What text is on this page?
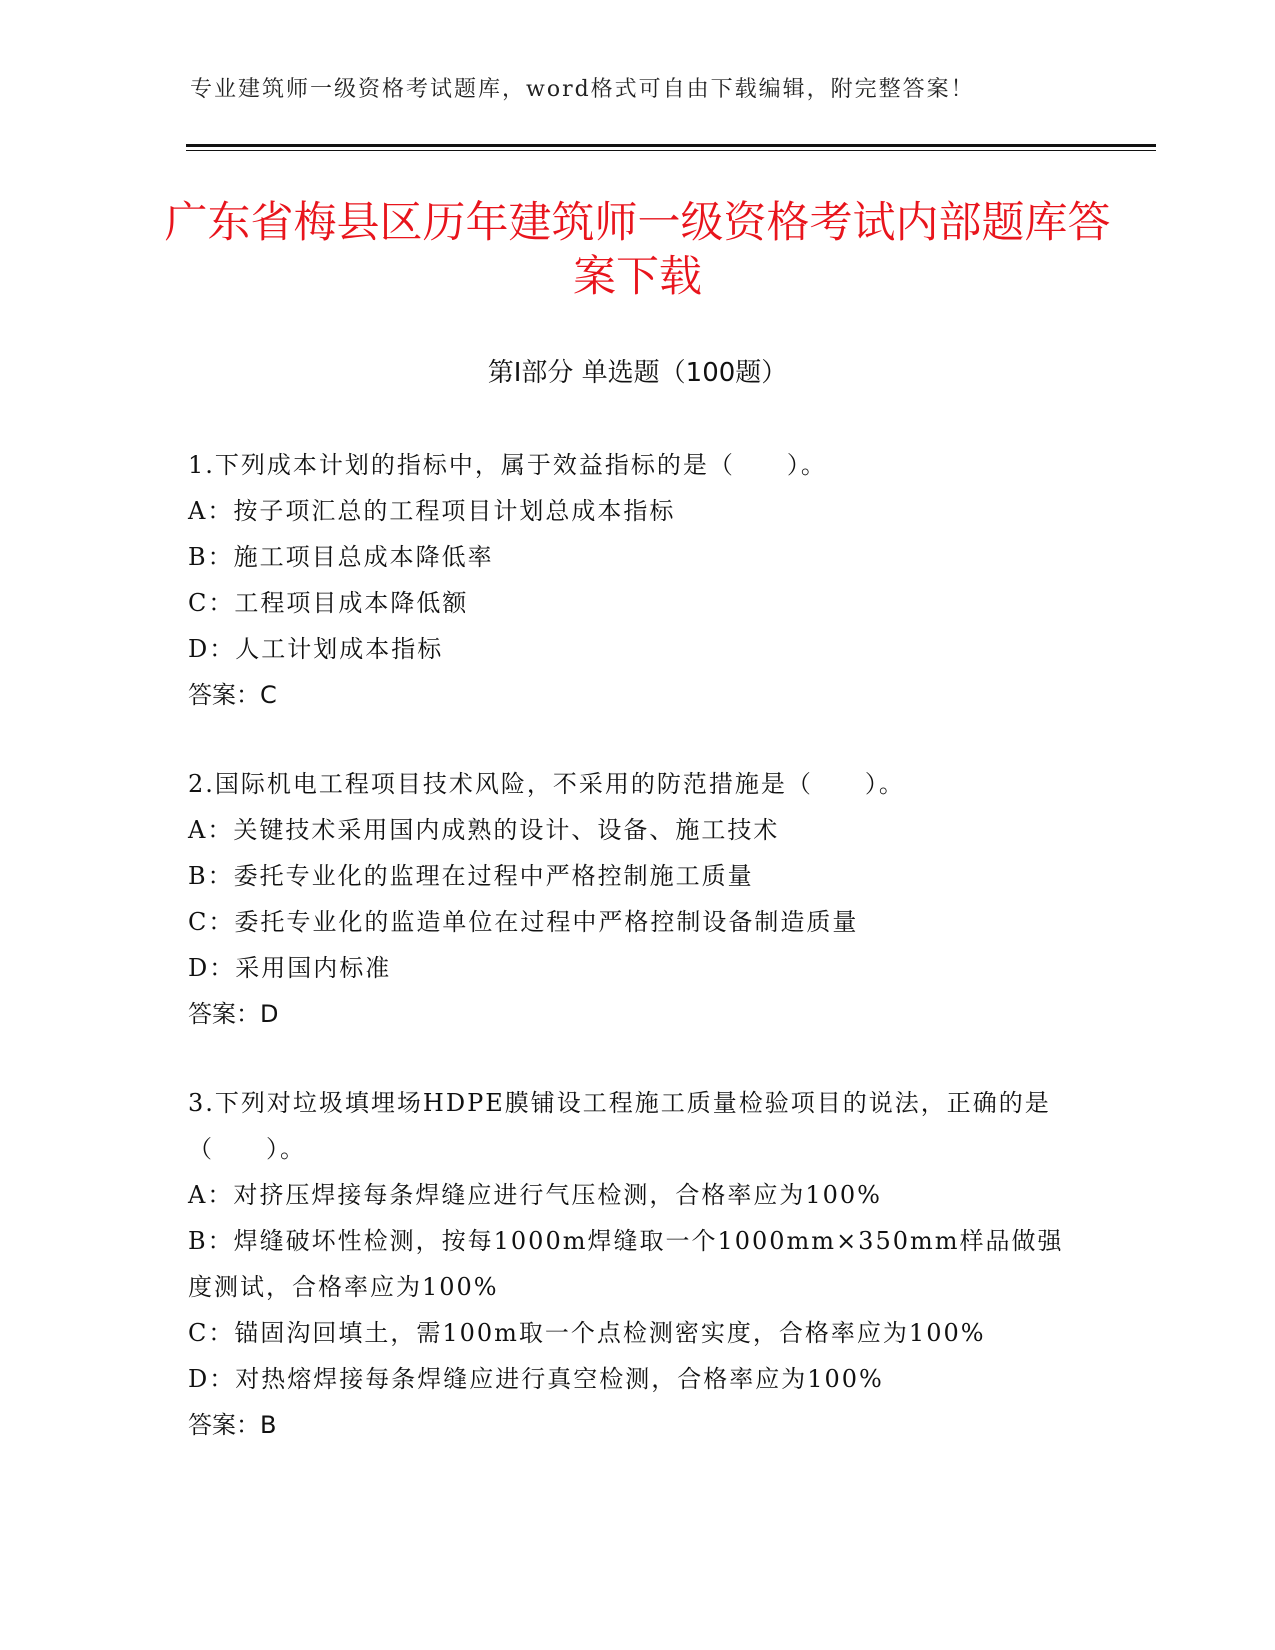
专业建筑师一级资格考试题库，word格式可自由下载编辑，附完整答案！
广东省梅县区历年建筑师一级资格考试内部题库答案下载
第Ⅰ部分 单选题（100题）
1.下列成本计划的指标中，属于效益指标的是（　　）。
A：按子项汇总的工程项目计划总成本指标
B：施工项目总成本降低率
C：工程项目成本降低额
D：人工计划成本指标
答案：C
2.国际机电工程项目技术风险，不采用的防范措施是（　　）。
A：关键技术采用国内成熟的设计、设备、施工技术
B：委托专业化的监理在过程中严格控制施工质量
C：委托专业化的监造单位在过程中严格控制设备制造质量
D：采用国内标准
答案：D
3.下列对垃圾填埋场HDPE膜铺设工程施工质量检验项目的说法，正确的是（　　）。
A：对挤压焊接每条焊缝应进行气压检测，合格率应为100%
B：焊缝破坏性检测，按每1000m焊缝取一个1000mm×350mm样品做强度测试，合格率应为100%
C：锚固沟回填土，需100m取一个点检测密实度，合格率应为100%
D：对热熔焊接每条焊缝应进行真空检测，合格率应为100%
答案：B
